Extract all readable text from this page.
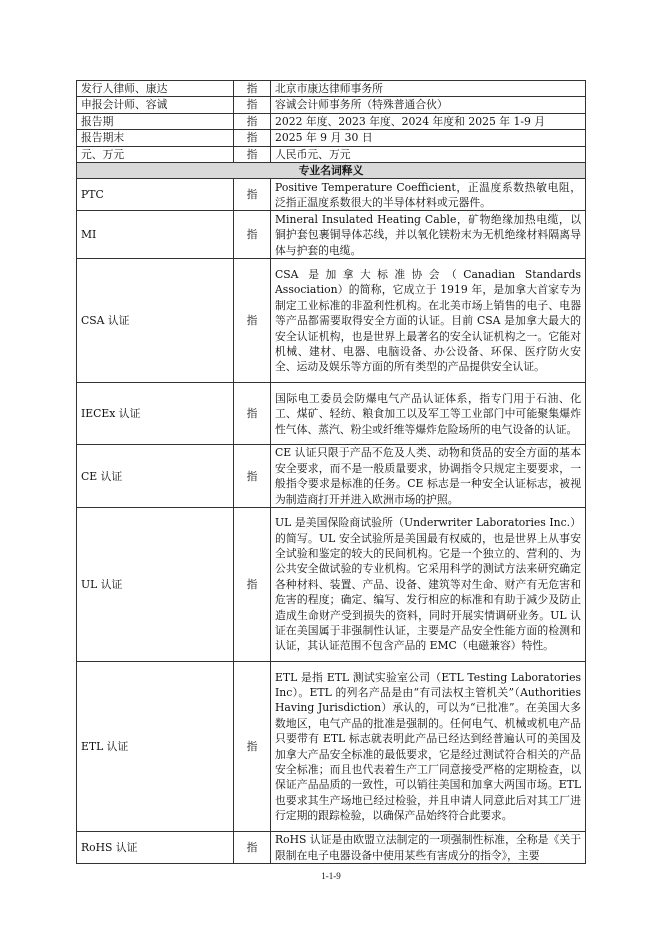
发行人律师、康达	指	北京市康达律师事务所
申报会计师、容诚	指	容诚会计师事务所（特殊普通合伙）
报告期	指	2022 年度、2023 年度、2024 年度和 2025 年 1-9 月
报告期末	指	2025 年 9 月 30 日
元、万元	指	人民币元、万元
专业名词释义		
PTC	指	Positive Temperature Coefficient，正温度系数热敏电阻，泛指正温度系数很大的半导体材料或元器件。
MI	指	Mineral Insulated Heating Cable，矿物绝缘加热电缆，以铜护套包裹铜导体芯线，并以氧化镁粉末为无机绝缘材料隔离导体与护套的电缆。
CSA 认证	指	CSA 是加拿大标准协会（Canadian Standards Association）的简称，它成立于 1919 年，是加拿大首家专为制定工业标准的非盈利性机构。在北美市场上销售的电子、电器等产品都需要取得安全方面的认证。目前 CSA 是加拿大最大的安全认证机构，也是世界上最著名的安全认证机构之一。它能对机械、建材、电器、电脑设备、办公设备、环保、医疗防火安全、运动及娱乐等方面的所有类型的产品提供安全认证。
IECEx 认证	指	国际电工委员会防爆电气产品认证体系，指专门用于石油、化工、煤矿、轻纺、粮食加工以及军工等工业部门中可能聚集爆炸性气体、蒸汽、粉尘或纤维等爆炸危险场所的电气设备的认证。
CE 认证	指	CE 认证只限于产品不危及人类、动物和货品的安全方面的基本安全要求，而不是一般质量要求，协调指令只规定主要要求，一般指令要求是标准的任务。CE 标志是一种安全认证标志，被视为制造商打开并进入欧洲市场的护照。
UL 认证	指	UL 是美国保险商试验所（Underwriter Laboratories Inc.）的简写。UL 安全试验所是美国最有权威的，也是世界上从事安全试验和鉴定的较大的民间机构。它是一个独立的、营利的、为公共安全做试验的专业机构。它采用科学的测试方法来研究确定各种材料、装置、产品、设备、建筑等对生命、财产有无危害和危害的程度；确定、编写、发行相应的标准和有助于减少及防止造成生命财产受到损失的资料，同时开展实情调研业务。UL 认证在美国属于非强制性认证，主要是产品安全性能方面的检测和认证，其认证范围不包含产品的 EMC（电磁兼容）特性。
ETL 认证	指	ETL 是指 ETL 测试实验室公司（ETL Testing Laboratories Inc）。ETL 的列名产品是由“有司法权主管机关”（Authorities Having Jurisdiction）承认的，可以为“已批准”。在美国大多数地区，电气产品的批准是强制的。任何电气、机械或机电产品只要带有 ETL 标志就表明此产品已经达到经普遍认可的美国及加拿大产品安全标准的最低要求，它是经过测试符合相关的产品安全标准；而且也代表着生产工厂同意接受严格的定期检查，以保证产品品质的一致性，可以销往美国和加拿大两国市场。ETL 也要求其生产场地已经过检验，并且申请人同意此后对其工厂进行定期的跟踪检验，以确保产品始终符合此要求。
RoHS 认证	指	RoHS 认证是由欧盟立法制定的一项强制性标准，全称是《关于限制在电子电器设备中使用某些有害成分的指令》，主要
1-1-9
